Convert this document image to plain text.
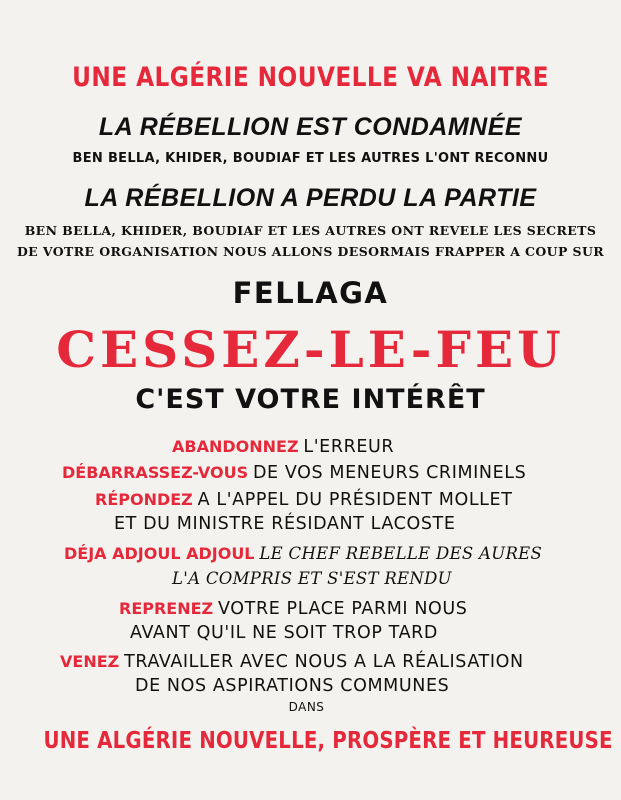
UNE ALGÉRIE NOUVELLE VA NAITRE
LA RÉBELLION EST CONDAMNÉE
BEN BELLA, KHIDER, BOUDIAF ET LES AUTRES L'ONT RECONNU
LA RÉBELLION A PERDU LA PARTIE
BEN BELLA, KHIDER, BOUDIAF ET LES AUTRES ONT REVELE LES SECRETS
DE VOTRE ORGANISATION NOUS ALLONS DESORMAIS FRAPPER A COUP SUR
FELLAGA
CESSEZ-LE-FEU
C'EST VOTRE INTÉRÊT
ABANDONNEZ L'ERREUR
DÉBARRASSEZ-VOUS DE VOS MENEURS CRIMINELS
RÉPONDEZ A L'APPEL DU PRÉSIDENT MOLLET
ET DU MINISTRE RÉSIDANT LACOSTE
DÉJA ADJOUL ADJOUL LE CHEF REBELLE DES AURES
L'A COMPRIS ET S'EST RENDU
REPRENEZ VOTRE PLACE PARMI NOUS
AVANT QU'IL NE SOIT TROP TARD
VENEZ TRAVAILLER AVEC NOUS A LA RÉALISATION
DE NOS ASPIRATIONS COMMUNES
DANS
UNE ALGÉRIE NOUVELLE, PROSPÈRE ET HEUREUSE
